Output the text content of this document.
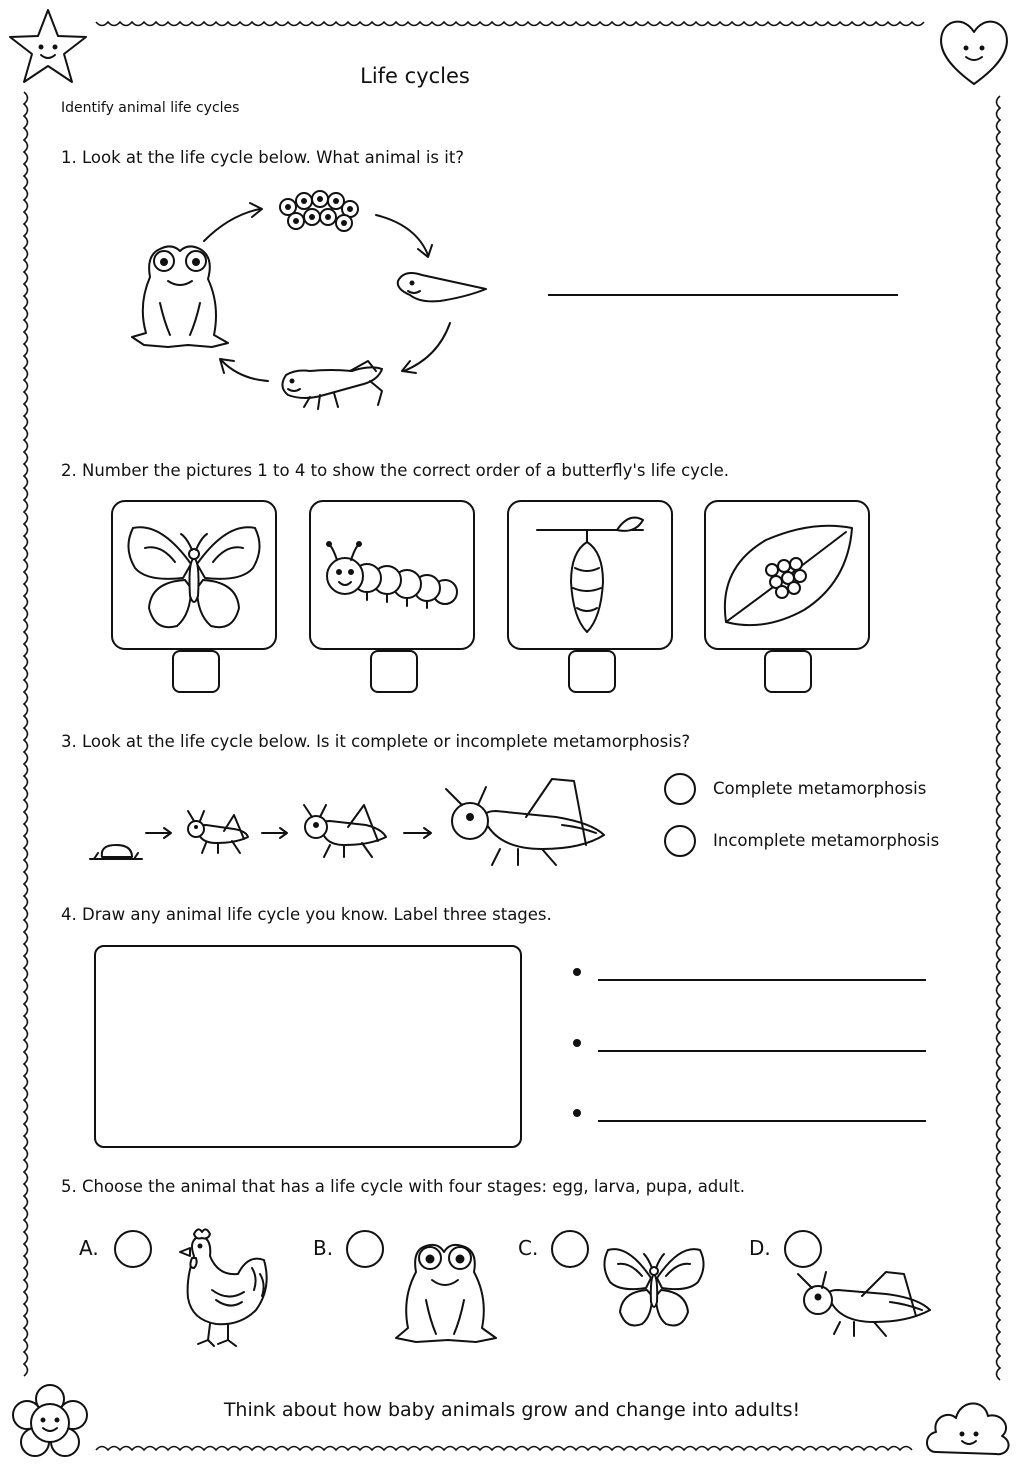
Life cycles
Identify animal life cycles
1. Look at the life cycle below. What animal is it?
2. Number the pictures 1 to 4 to show the correct order of a butterfly's life cycle.
3. Look at the life cycle below. Is it complete or incomplete metamorphosis?
Complete metamorphosis
Incomplete metamorphosis
4. Draw any animal life cycle you know. Label three stages.
5. Choose the animal that has a life cycle with four stages: egg, larva, pupa, adult.
A.	B.	C.	D.
Think about how baby animals grow and change into adults!
